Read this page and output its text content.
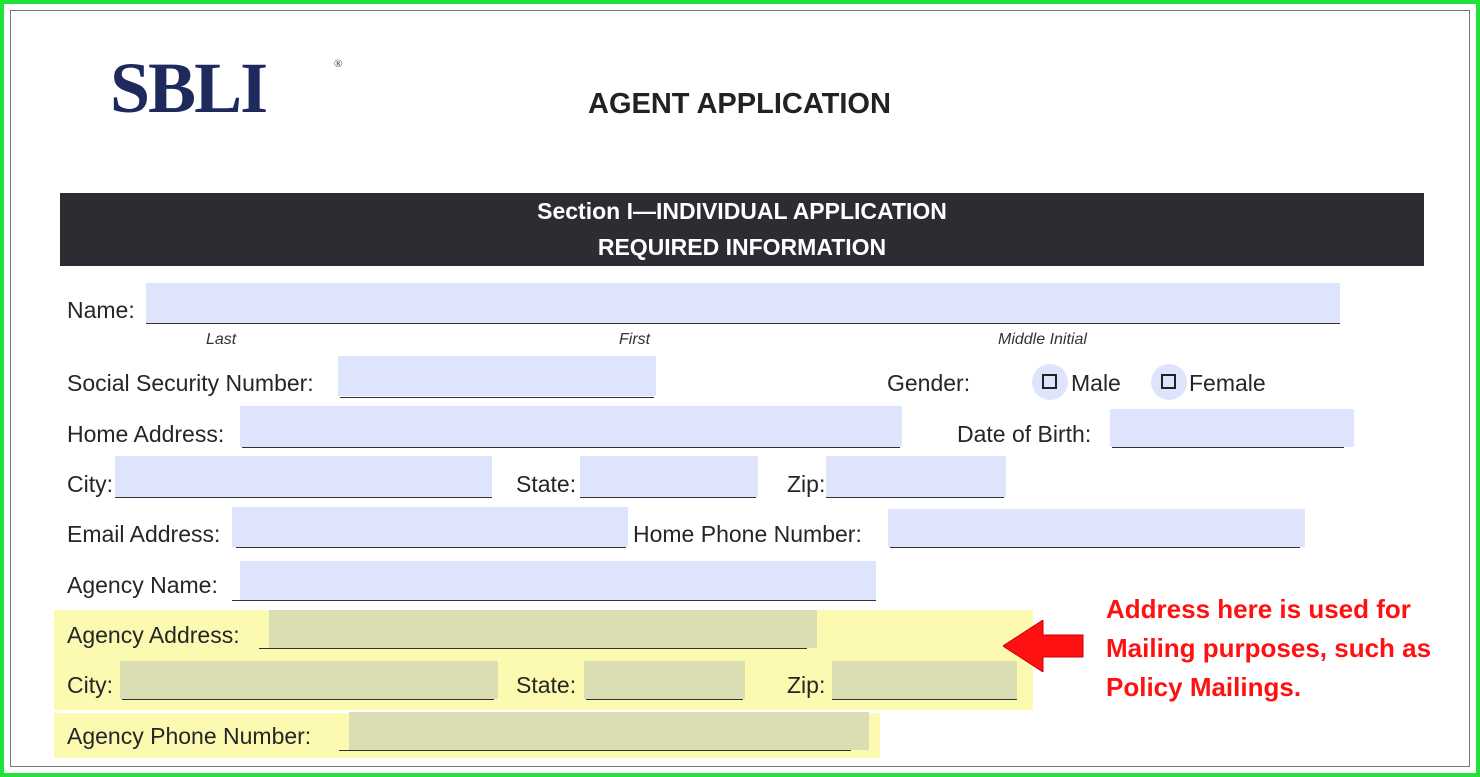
SBLI	®
AGENT APPLICATION
Section I—INDIVIDUAL APPLICATION
REQUIRED INFORMATION
Name:
Last	First	Middle Initial
Social Security Number:	Gender:	Male	Female
Home Address:	Date of Birth:
City:	State:	Zip:
Email Address:	Home Phone Number:
Agency Name:
Agency Address:
City:	State:	Zip:
Agency Phone Number:
Address here is used for
Mailing purposes, such as
Policy Mailings.
